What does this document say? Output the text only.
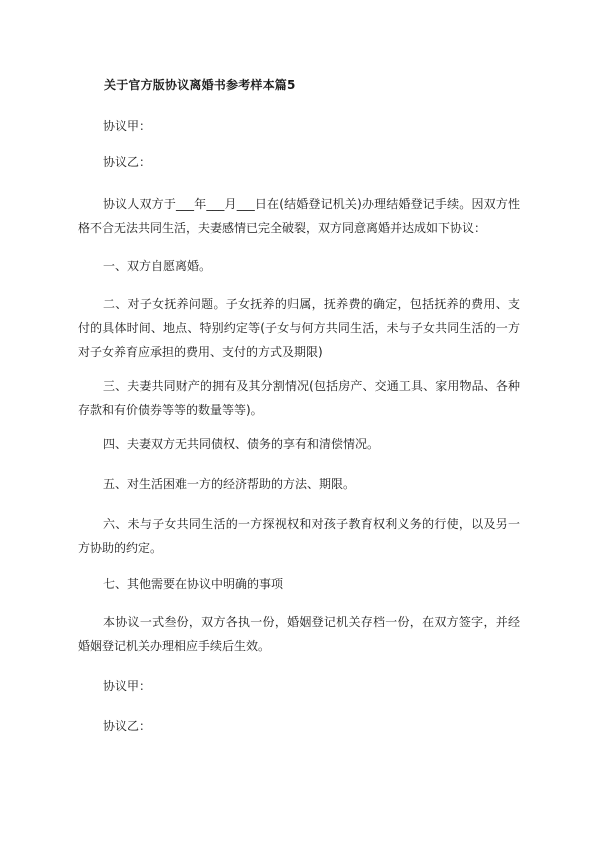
关于官方版协议离婚书参考样本篇5

协议甲：

协议乙：

协议人双方于___年___月___日在(结婚登记机关)办理结婚登记手续。因双方性格不合无法共同生活，夫妻感情已完全破裂，双方同意离婚并达成如下协议：

一、双方自愿离婚。

二、对子女抚养问题。子女抚养的归属，抚养费的确定，包括抚养的费用、支付的具体时间、地点、特别约定等(子女与何方共同生活，未与子女共同生活的一方对子女养育应承担的费用、支付的方式及期限)

三、夫妻共同财产的拥有及其分割情况(包括房产、交通工具、家用物品、各种存款和有价债券等等的数量等等)。

四、夫妻双方无共同债权、债务的享有和清偿情况。

五、对生活困难一方的经济帮助的方法、期限。

六、未与子女共同生活的一方探视权和对孩子教育权利义务的行使，以及另一方协助的约定。

七、其他需要在协议中明确的事项

本协议一式叁份，双方各执一份，婚姻登记机关存档一份，在双方签字，并经婚姻登记机关办理相应手续后生效。

协议甲：

协议乙：
